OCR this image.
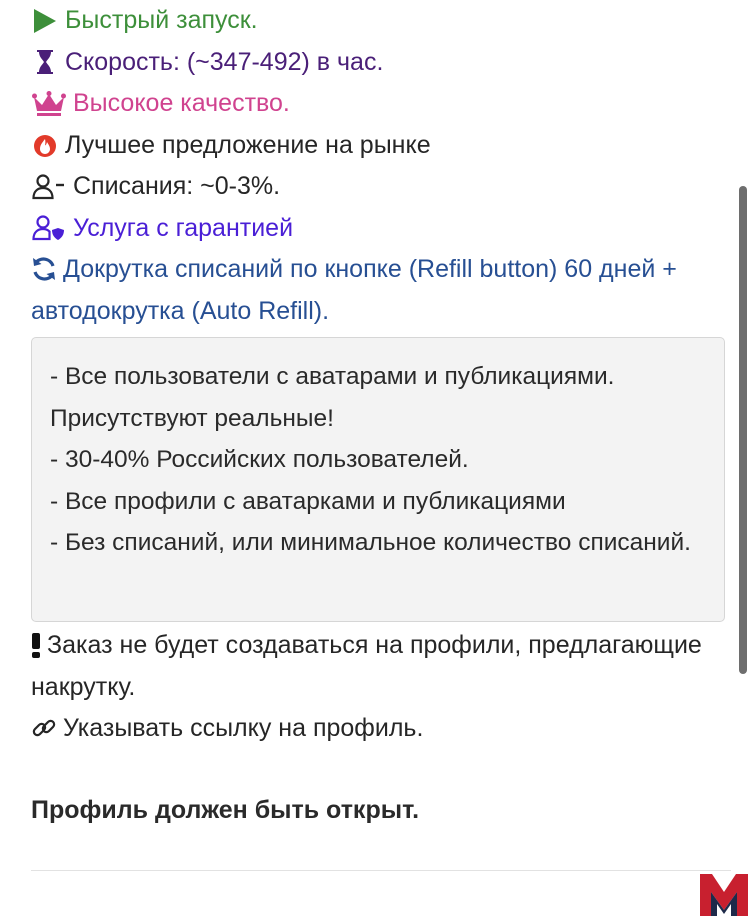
Быстрый запуск.
Скорость: (~347-492) в час.
Высокое качество.
Лучшее предложение на рынке
Списания: ~0-3%.
Услуга с гарантией
Докрутка списаний по кнопке (Refill button) 60 дней + автодокрутка (Auto Refill).

- Все пользователи с аватарами и публикациями. Присутствуют реальные!

- 30-40% Российских пользователей.

- Все профили с аватарками и публикациями

- Без списаний, или минимальное количество списаний.

Заказ не будет создаваться на профили, предлагающие накрутку.
Указывать ссылку на профиль.
Профиль должен быть открыт.
